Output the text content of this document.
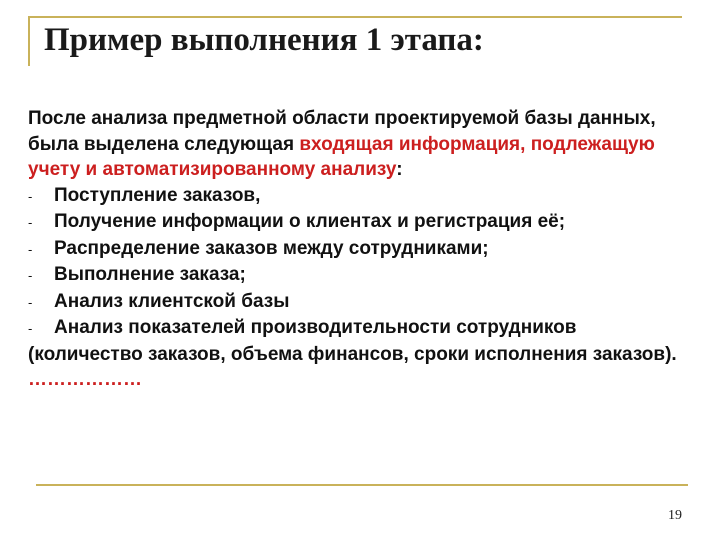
Пример выполнения 1 этапа:

После анализа предметной области проектируемой базы данных, была выделена следующая входящая информация, подлежащую учету и автоматизированному анализу:

-	Поступление заказов,
-	Получение информации о клиентах и регистрация её;
-	Распределение заказов между сотрудниками;
-	Выполнение заказа;
-	Анализ клиентской базы
-	Анализ показателей производительности сотрудников

(количество заказов, объема финансов, сроки исполнения заказов).

………………

19
